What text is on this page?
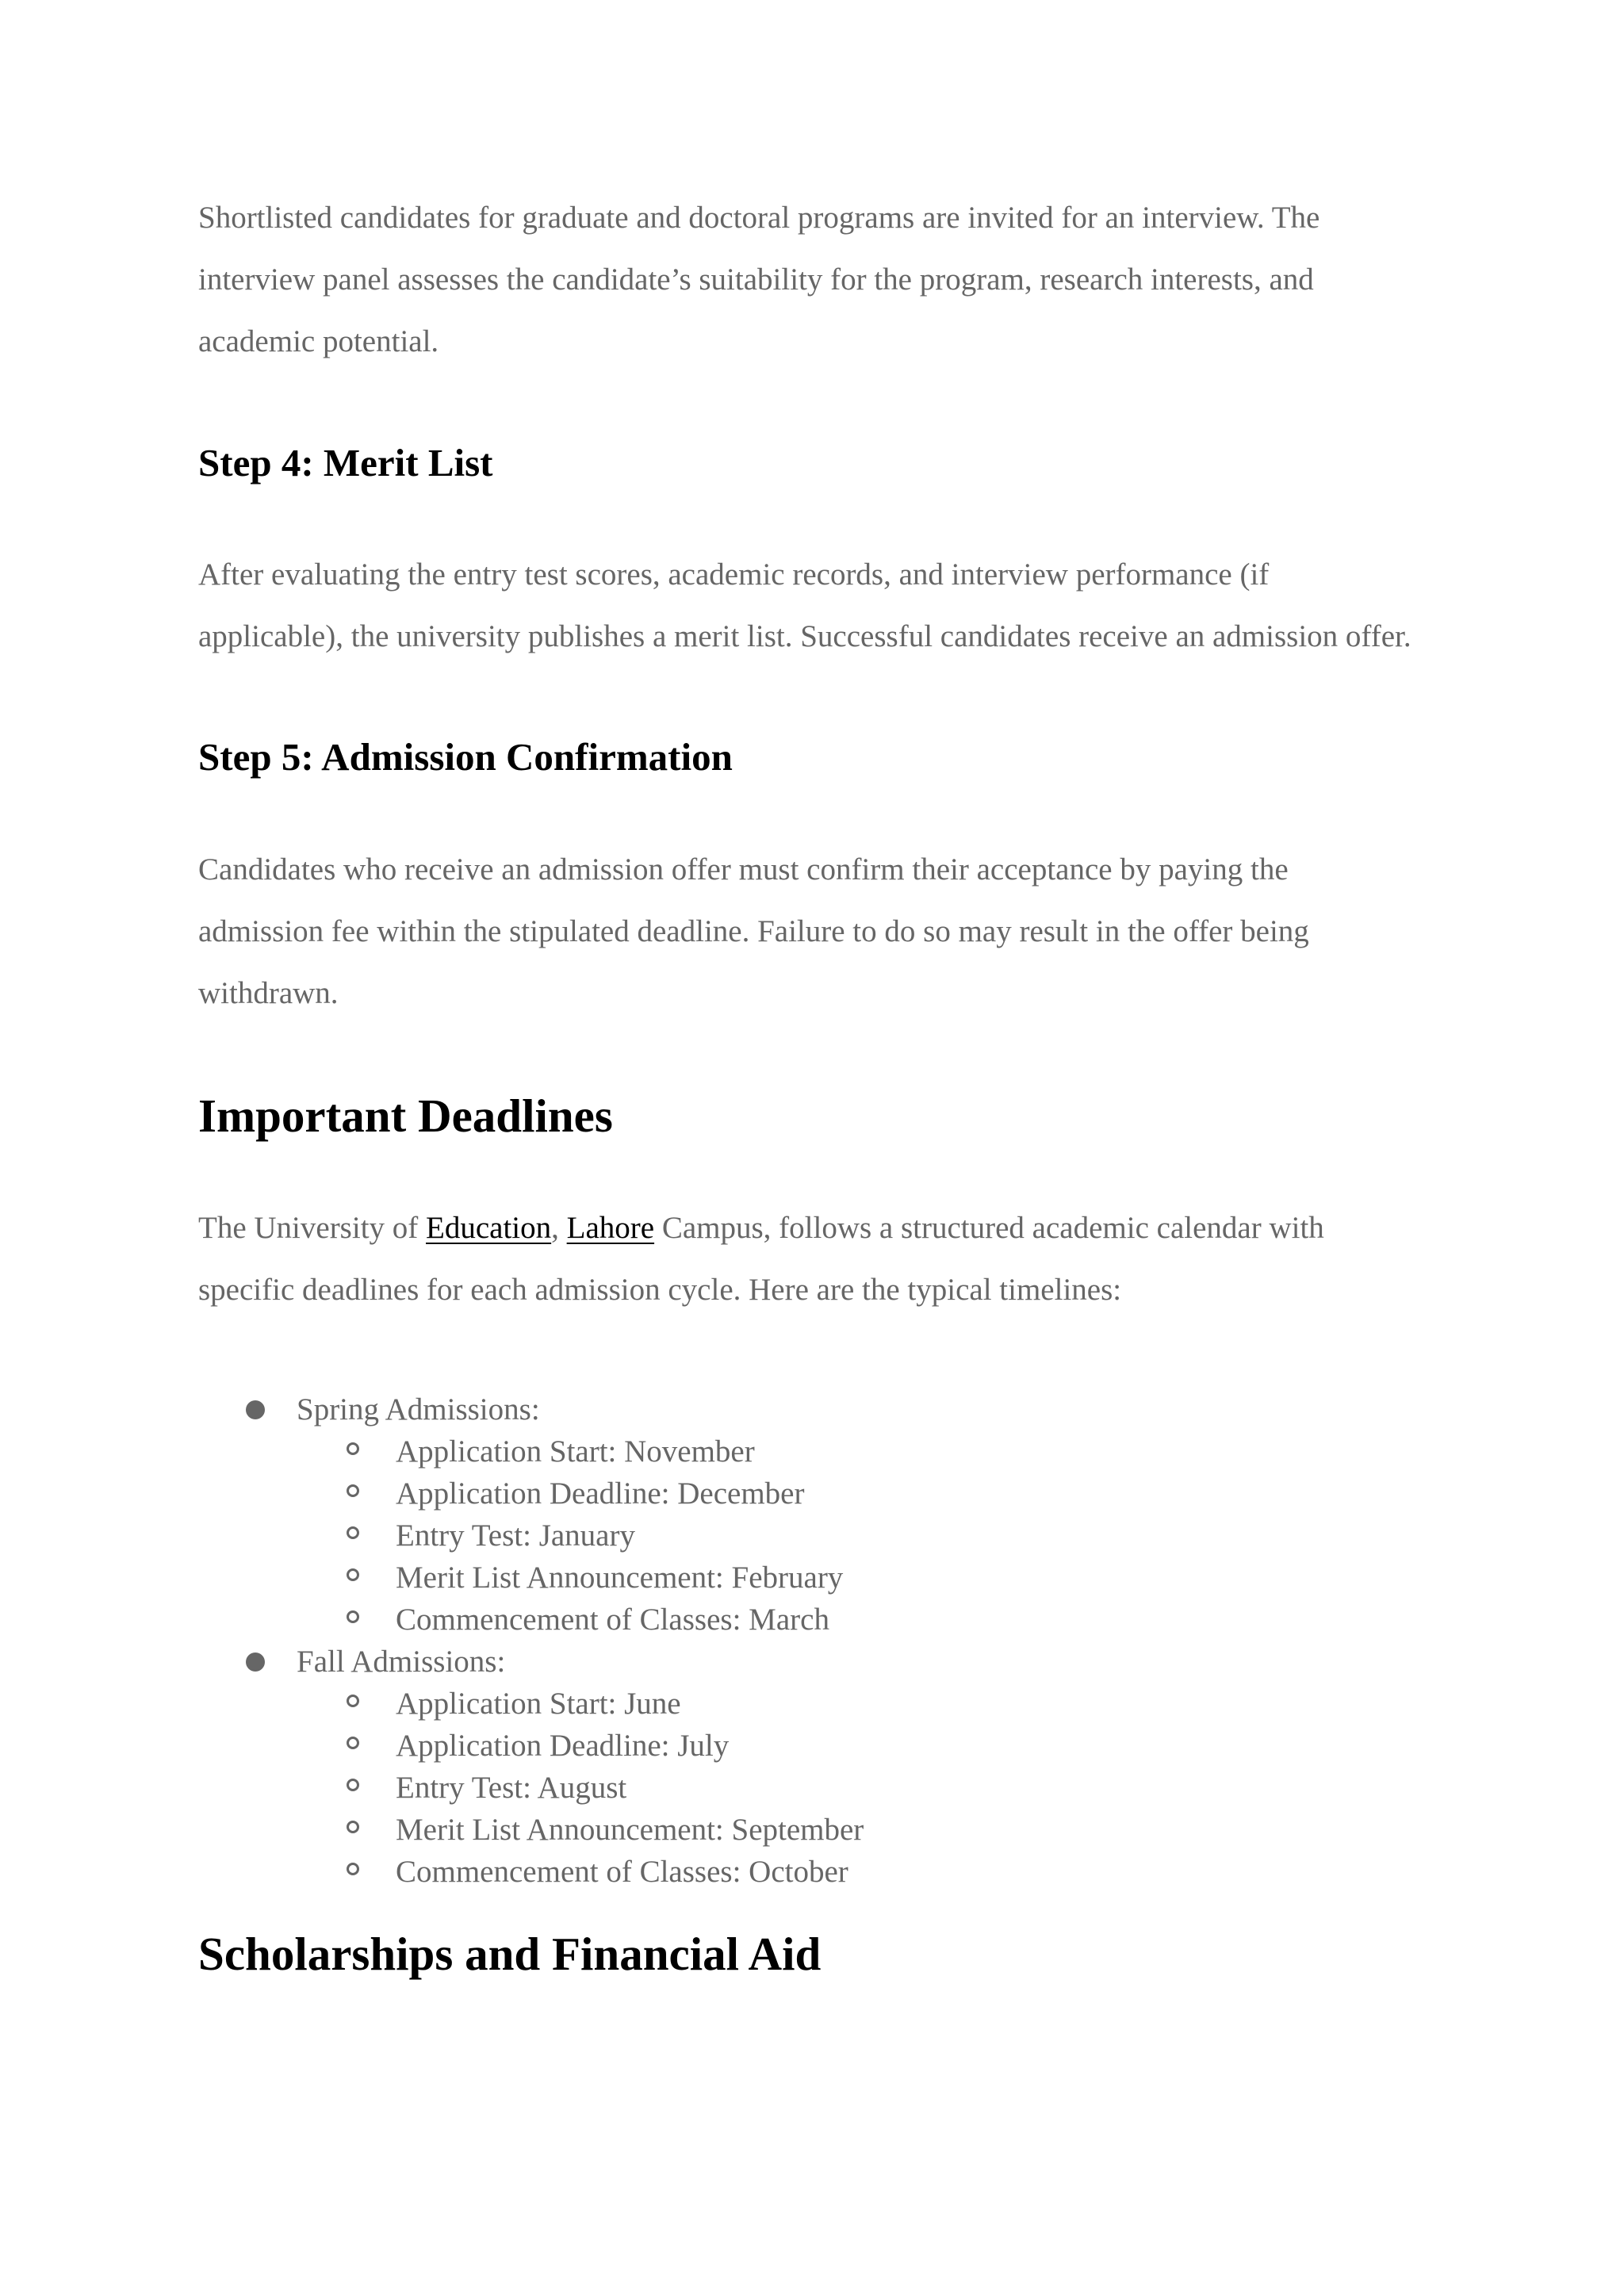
Shortlisted candidates for graduate and doctoral programs are invited for an interview. The
interview panel assesses the candidate’s suitability for the program, research interests, and
academic potential.
Step 4: Merit List
After evaluating the entry test scores, academic records, and interview performance (if
applicable), the university publishes a merit list. Successful candidates receive an admission offer.
Step 5: Admission Confirmation
Candidates who receive an admission offer must confirm their acceptance by paying the
admission fee within the stipulated deadline. Failure to do so may result in the offer being
withdrawn.
Important Deadlines
The University of Education, Lahore Campus, follows a structured academic calendar with
specific deadlines for each admission cycle. Here are the typical timelines:
Spring Admissions:
Application Start: November
Application Deadline: December
Entry Test: January
Merit List Announcement: February
Commencement of Classes: March
Fall Admissions:
Application Start: June
Application Deadline: July
Entry Test: August
Merit List Announcement: September
Commencement of Classes: October
Scholarships and Financial Aid
